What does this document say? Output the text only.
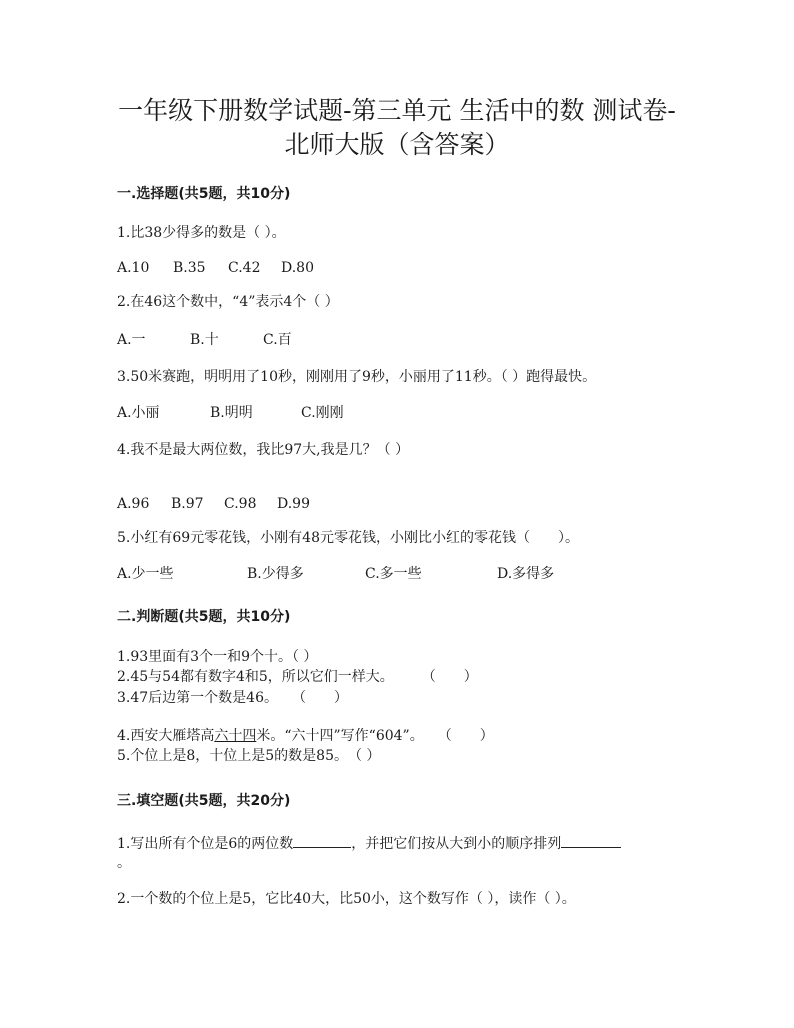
一年级下册数学试题-第三单元 生活中的数 测试卷-
北师大版（含答案）
一.选择题(共5题，共10分)
1.比38少得多的数是（ ）。
A.10 B.35 C.42 D.80
2.在46这个数中，“4”表示4个（ ）
A.一	B.十	C.百
3.50米赛跑，明明用了10秒，刚刚用了9秒，小丽用了11秒。（ ）跑得最快。
A.小丽	B.明明	C.刚刚
4.我不是最大两位数，我比97大,我是几？（ ）
A.96 B.97 C.98 D.99
5.小红有69元零花钱，小刚有48元零花钱，小刚比小红的零花钱（　　）。
A.少一些	B.少得多	C.多一些	D.多得多
二.判断题(共5题，共10分)
1.93里面有3个一和9个十。（ ）
2.45与54都有数字4和5，所以它们一样大。　　　（　　）
3.47后边第一个数是46。　　（　　）
4.西安大雁塔高六十四米。“六十四”写作“604”。　　（　　）
5.个位上是8，十位上是5的数是85。　（ ）
三.填空题(共5题，共20分)
1.写出所有个位是6的两位数	，并把它们按从大到小的顺序排列
。
2.一个数的个位上是5，它比40大，比50小，这个数写作（ ），读作（ ）。
